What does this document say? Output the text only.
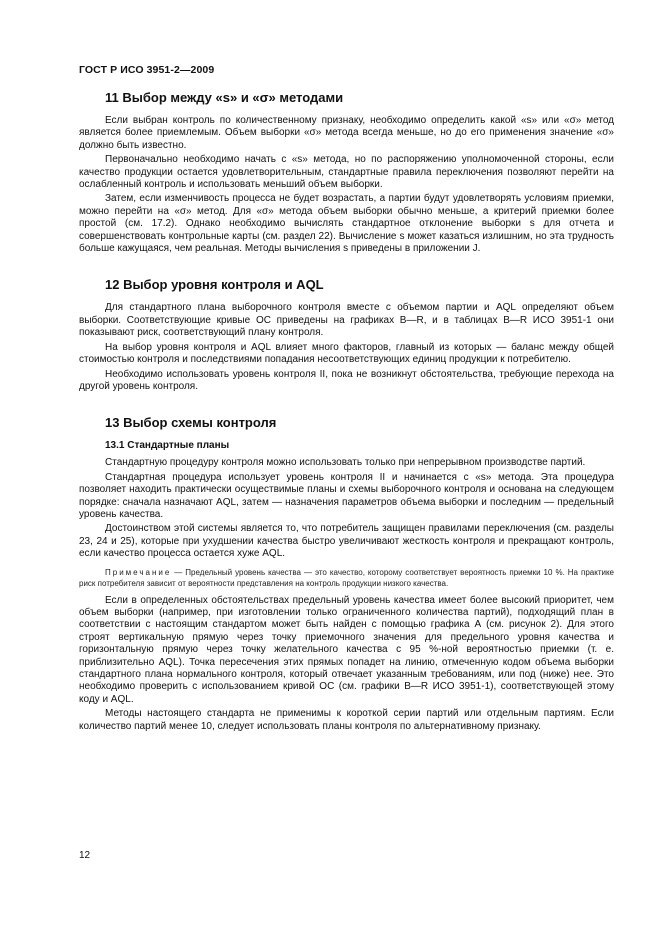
ГОСТ Р ИСО 3951-2—2009
11 Выбор между «s» и «σ» методами

Если выбран контроль по количественному признаку, необходимо определить какой «s» или «σ» метод является более приемлемым. Объем выборки «σ» метода всегда меньше, но до его применения значение «σ» должно быть известно.

Первоначально необходимо начать с «s» метода, но по распоряжению уполномоченной стороны, если качество продукции остается удовлетворительным, стандартные правила переключения позволяют перейти на ослабленный контроль и использовать меньший объем выборки.

Затем, если изменчивость процесса не будет возрастать, а партии будут удовлетворять условиям приемки, можно перейти на «σ» метод. Для «σ» метода объем выборки обычно меньше, а критерий приемки более простой (см. 17.2). Однако необходимо вычислять стандартное отклонение выборки s для отчета и совершенствовать контрольные карты (см. раздел 22). Вычисление s может казаться излишним, но эта трудность больше кажущаяся, чем реальная. Методы вычисления s приведены в приложении J.

12 Выбор уровня контроля и AQL

Для стандартного плана выборочного контроля вместе с объемом партии и AQL определяют объем выборки. Соответствующие кривые ОС приведены на графиках В—R, и в таблицах В—R ИСО 3951-1 они показывают риск, соответствующий плану контроля.

На выбор уровня контроля и AQL влияет много факторов, главный из которых — баланс между общей стоимостью контроля и последствиями попадания несоответствующих единиц продукции к потребителю.

Необходимо использовать уровень контроля II, пока не возникнут обстоятельства, требующие перехода на другой уровень контроля.

13 Выбор схемы контроля
13.1 Стандартные планы

Стандартную процедуру контроля можно использовать только при непрерывном производстве партий.

Стандартная процедура использует уровень контроля II и начинается с «s» метода. Эта процедура позволяет находить практически осуществимые планы и схемы выборочного контроля и основана на следующем порядке: сначала назначают AQL, затем — назначения параметров объема выборки и последним — предельный уровень качества.

Достоинством этой системы является то, что потребитель защищен правилами переключения (см. разделы 23, 24 и 25), которые при ухудшении качества быстро увеличивают жесткость контроля и прекращают контроль, если качество процесса остается хуже AQL.

Примечание — Предельный уровень качества — это качество, которому соответствует вероятность приемки 10 %. На практике риск потребителя зависит от вероятности представления на контроль продукции низкого качества.

Если в определенных обстоятельствах предельный уровень качества имеет более высокий приоритет, чем объем выборки (например, при изготовлении только ограниченного количества партий), подходящий план в соответствии с настоящим стандартом может быть найден с помощью графика А (см. рисунок 2). Для этого строят вертикальную прямую через точку приемочного значения для предельного уровня качества и горизонтальную прямую через точку желательного качества с 95 %-ной вероятностью приемки (т. е. приблизительно AQL). Точка пересечения этих прямых попадет на линию, отмеченную кодом объема выборки стандартного плана нормального контроля, который отвечает указанным требованиям, или под (ниже) нее. Это необходимо проверить с использованием кривой ОС (см. графики В—R ИСО 3951-1), соответствующей этому коду и AQL.

Методы настоящего стандарта не применимы к короткой серии партий или отдельным партиям. Если количество партий менее 10, следует использовать планы контроля по альтернативному признаку.

12
